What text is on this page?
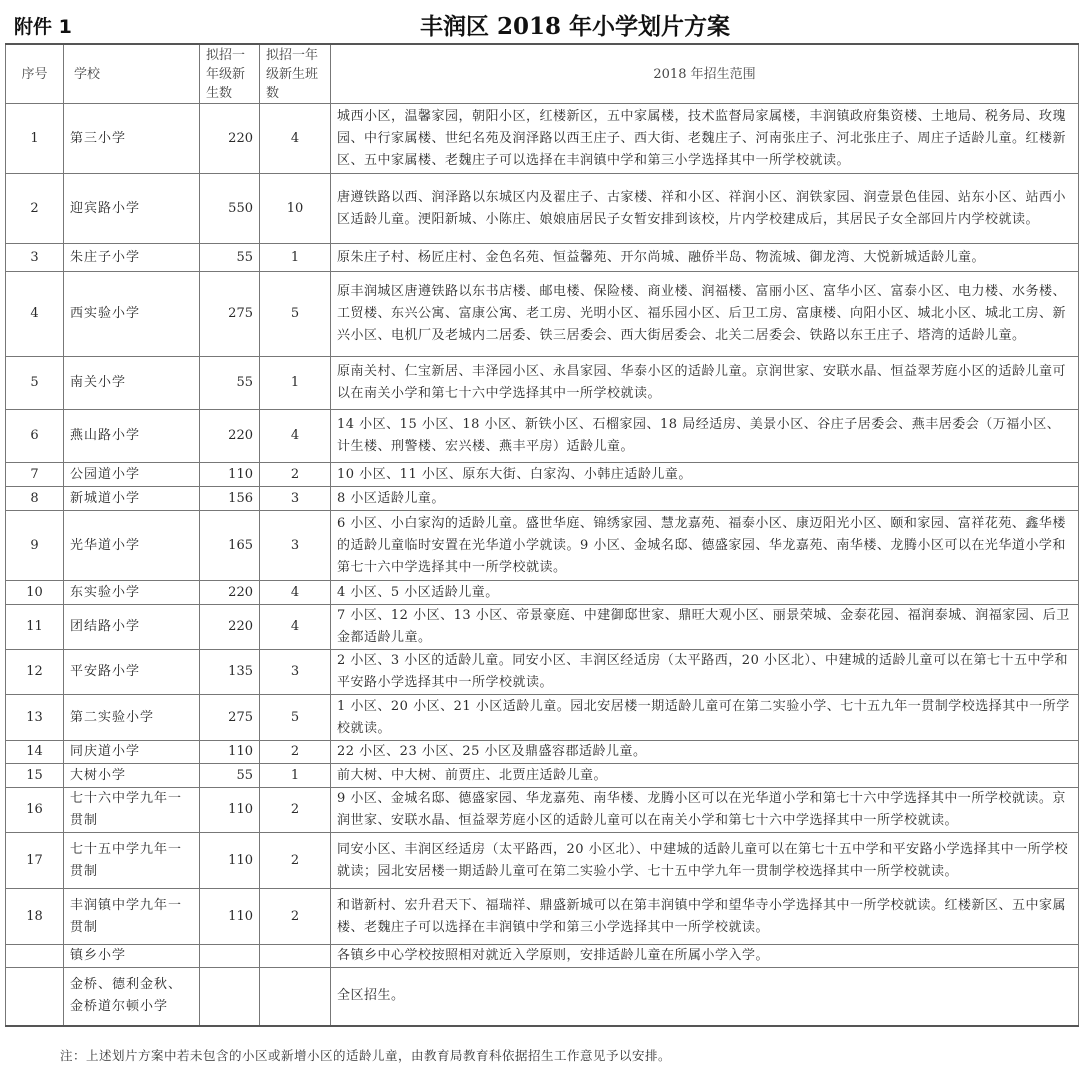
附件 1	丰润区 2018 年小学划片方案
序号	学校	拟招一年级新生数	拟招一年级新生班数	2018 年招生范围
1	第三小学	220	4	城西小区，温馨家园，朝阳小区，红楼新区，五中家属楼，技术监督局家属楼，丰润镇政府集资楼、土地局、税务局、玫瑰园、中行家属楼、世纪名苑及润泽路以西王庄子、西大街、老魏庄子、河南张庄子、河北张庄子、周庄子适龄儿童。红楼新区、五中家属楼、老魏庄子可以选择在丰润镇中学和第三小学选择其中一所学校就读。
2	迎宾路小学	550	10	唐遵铁路以西、润泽路以东城区内及翟庄子、古家楼、祥和小区、祥润小区、润铁家园、润壹景色佳园、站东小区、站西小区适龄儿童。浭阳新城、小陈庄、娘娘庙居民子女暂安排到该校，片内学校建成后，其居民子女全部回片内学校就读。
3	朱庄子小学	55	1	原朱庄子村、杨匠庄村、金色名苑、恒益馨苑、开尔尚城、融侨半岛、物流城、御龙湾、大悦新城适龄儿童。
4	西实验小学	275	5	原丰润城区唐遵铁路以东书店楼、邮电楼、保险楼、商业楼、润福楼、富丽小区、富华小区、富泰小区、电力楼、水务楼、工贸楼、东兴公寓、富康公寓、老工房、光明小区、福乐园小区、后卫工房、富康楼、向阳小区、城北小区、城北工房、新兴小区、电机厂及老城内二居委、铁三居委会、西大街居委会、北关二居委会、铁路以东王庄子、塔湾的适龄儿童。
5	南关小学	55	1	原南关村、仁宝新居、丰泽园小区、永昌家园、华泰小区的适龄儿童。京润世家、安联水晶、恒益翠芳庭小区的适龄儿童可以在南关小学和第七十六中学选择其中一所学校就读。
6	燕山路小学	220	4	14 小区、15 小区、18 小区、新铁小区、石榴家园、18 局经适房、美景小区、谷庄子居委会、燕丰居委会（万福小区、计生楼、刑警楼、宏兴楼、燕丰平房）适龄儿童。
7	公园道小学	110	2	10 小区、11 小区、原东大街、白家沟、小韩庄适龄儿童。
8	新城道小学	156	3	8 小区适龄儿童。
9	光华道小学	165	3	6 小区、小白家沟的适龄儿童。盛世华庭、锦绣家园、慧龙嘉苑、福泰小区、康迈阳光小区、颐和家园、富祥花苑、鑫华楼的适龄儿童临时安置在光华道小学就读。9 小区、金城名邸、德盛家园、华龙嘉苑、南华楼、龙腾小区可以在光华道小学和第七十六中学选择其中一所学校就读。
10	东实验小学	220	4	4 小区、5 小区适龄儿童。
11	团结路小学	220	4	7 小区、12 小区、13 小区、帝景豪庭、中建御邸世家、鼎旺大观小区、丽景荣城、金泰花园、福润泰城、润福家园、后卫金都适龄儿童。
12	平安路小学	135	3	2 小区、3 小区的适龄儿童。同安小区、丰润区经适房（太平路西，20 小区北）、中建城的适龄儿童可以在第七十五中学和平安路小学选择其中一所学校就读。
13	第二实验小学	275	5	1 小区、20 小区、21 小区适龄儿童。园北安居楼一期适龄儿童可在第二实验小学、七十五九年一贯制学校选择其中一所学校就读。
14	同庆道小学	110	2	22 小区、23 小区、25 小区及鼎盛容郡适龄儿童。
15	大树小学	55	1	前大树、中大树、前贾庄、北贾庄适龄儿童。
16	七十六中学九年一贯制	110	2	9 小区、金城名邸、德盛家园、华龙嘉苑、南华楼、龙腾小区可以在光华道小学和第七十六中学选择其中一所学校就读。京润世家、安联水晶、恒益翠芳庭小区的适龄儿童可以在南关小学和第七十六中学选择其中一所学校就读。
17	七十五中学九年一贯制	110	2	同安小区、丰润区经适房（太平路西，20 小区北）、中建城的适龄儿童可以在第七十五中学和平安路小学选择其中一所学校就读；园北安居楼一期适龄儿童可在第二实验小学、七十五中学九年一贯制学校选择其中一所学校就读。
18	丰润镇中学九年一贯制	110	2	和谐新村、宏升君天下、福瑞祥、鼎盛新城可以在第丰润镇中学和望华寺小学选择其中一所学校就读。红楼新区、五中家属楼、老魏庄子可以选择在丰润镇中学和第三小学选择其中一所学校就读。
	镇乡小学			各镇乡中心学校按照相对就近入学原则，安排适龄儿童在所属小学入学。
	金桥、德利金秋、金桥道尔顿小学			全区招生。
注：上述划片方案中若未包含的小区或新增小区的适龄儿童，由教育局教育科依据招生工作意见予以安排。
